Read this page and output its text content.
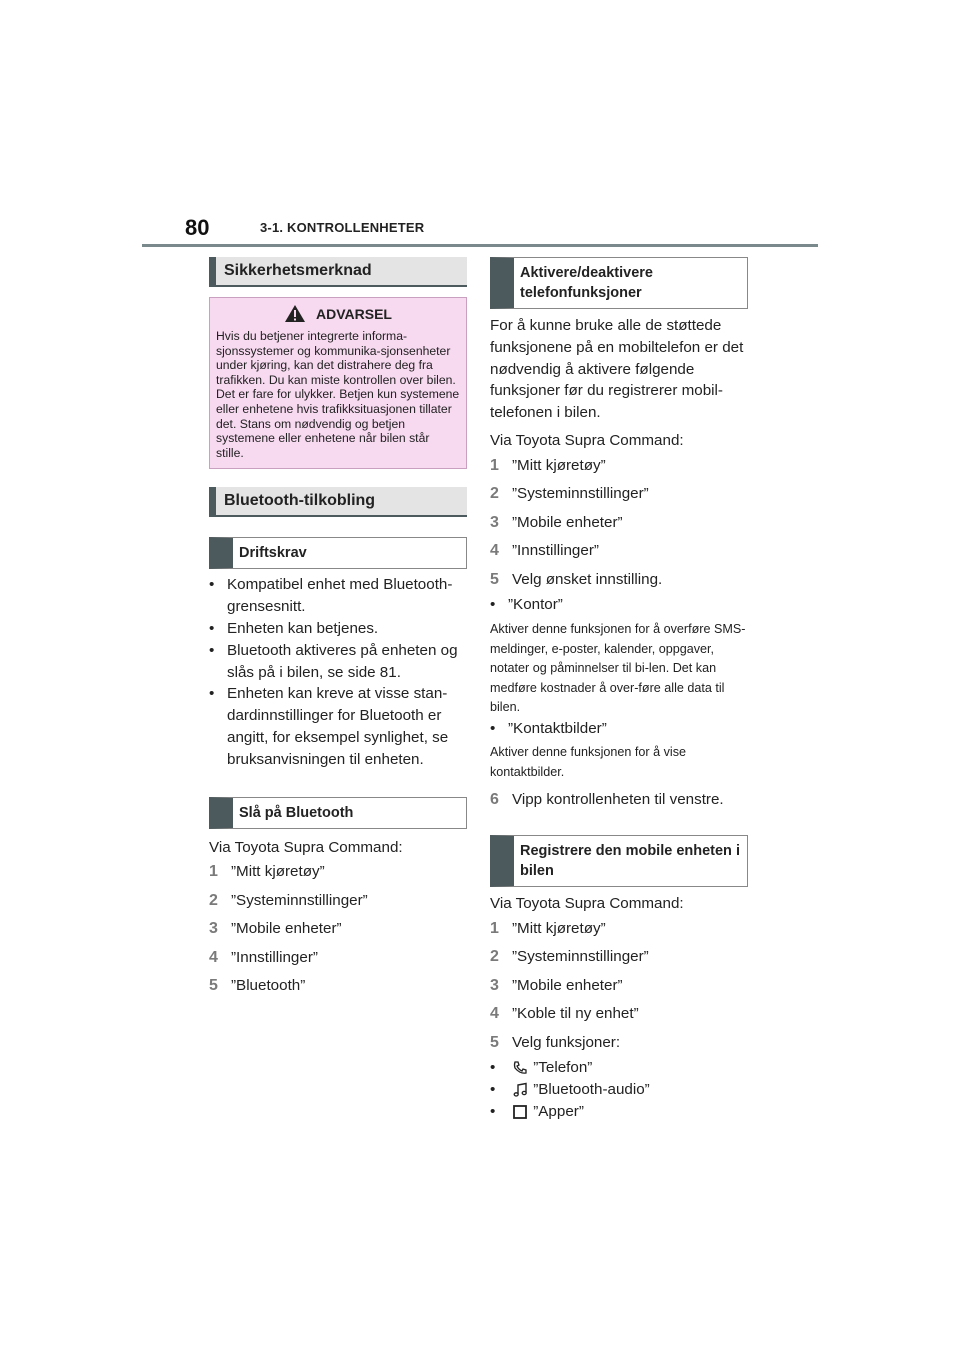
80	3-1. KONTROLLENHETER
Sikkerhetsmerknad
ADVARSEL
Hvis du betjener integrerte informa-sjonssystemer og kommunika-sjonsenheter under kjøring, kan det distrahere deg fra trafikken. Du kan miste kontrollen over bilen. Det er fare for ulykker. Betjen kun systemene eller enhetene hvis trafikksituasjonen tillater det. Stans om nødvendig og betjen systemene eller enhetene når bilen står stille.
Bluetooth-tilkobling
Driftskrav
• Kompatibel enhet med Bluetooth-grensesnitt.
• Enheten kan betjenes.
• Bluetooth aktiveres på enheten og slås på i bilen, se side 81.
• Enheten kan kreve at visse stan-dardinnstillinger for Bluetooth er angitt, for eksempel synlighet, se bruksanvisningen til enheten.
Slå på Bluetooth
Via Toyota Supra Command:
1 ”Mitt kjøretøy”
2 ”Systeminnstillinger”
3 ”Mobile enheter”
4 ”Innstillinger”
5 ”Bluetooth”
Aktivere/deaktivere telefonfunksjoner
For å kunne bruke alle de støttede funksjonene på en mobiltelefon er det nødvendig å aktivere følgende funksjoner før du registrerer mobil-telefonen i bilen.
Via Toyota Supra Command:
1 ”Mitt kjøretøy”
2 ”Systeminnstillinger”
3 ”Mobile enheter”
4 ”Innstillinger”
5 Velg ønsket innstilling.
• ”Kontor”
Aktiver denne funksjonen for å overføre SMS-meldinger, e-poster, kalender, oppgaver, notater og påminnelser til bi-len. Det kan medføre kostnader å over-føre alle data til bilen.
• ”Kontaktbilder”
Aktiver denne funksjonen for å vise kontaktbilder.
6 Vipp kontrollenheten til venstre.
Registrere den mobile enheten i bilen
Via Toyota Supra Command:
1 ”Mitt kjøretøy”
2 ”Systeminnstillinger”
3 ”Mobile enheter”
4 ”Koble til ny enhet”
5 Velg funksjoner:

• ”Telefon”

• ”Bluetooth-audio”

• ”Apper”
